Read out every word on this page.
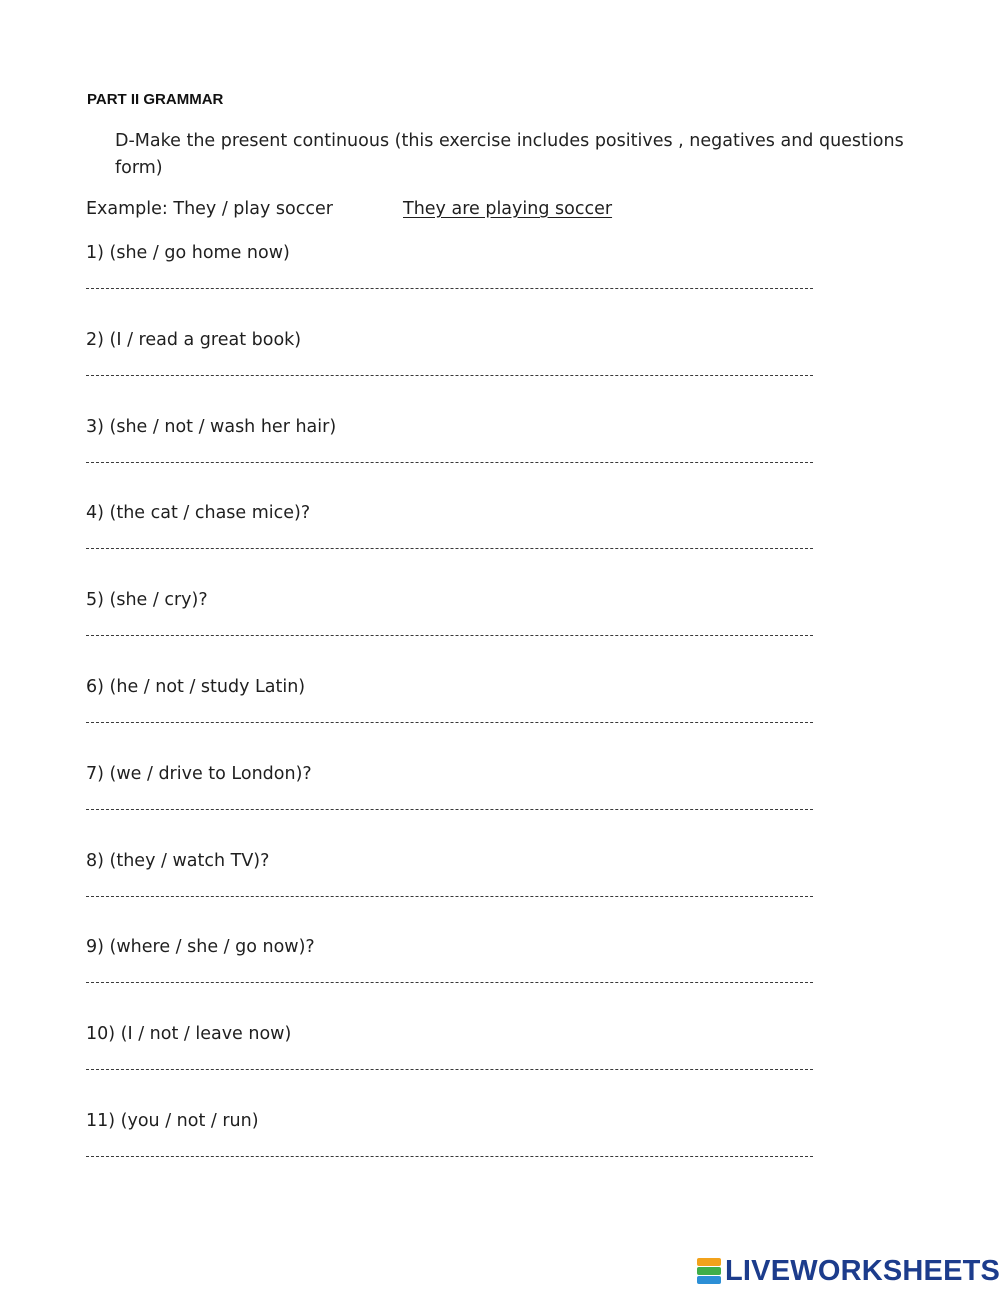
PART II GRAMMAR
D-Make the present continuous (this exercise includes positives , negatives and questions form)
Example: They / play soccer	They are playing soccer
1) (she / go home now)
2) (I / read a great book)
3) (she / not / wash her hair)
4) (the cat / chase mice)?
5) (she / cry)?
6) (he / not / study Latin)
7) (we / drive to London)?
8) (they / watch TV)?
9) (where / she / go now)?
10) (I / not / leave now)
11) (you / not / run)
LIVEWORKSHEETS
